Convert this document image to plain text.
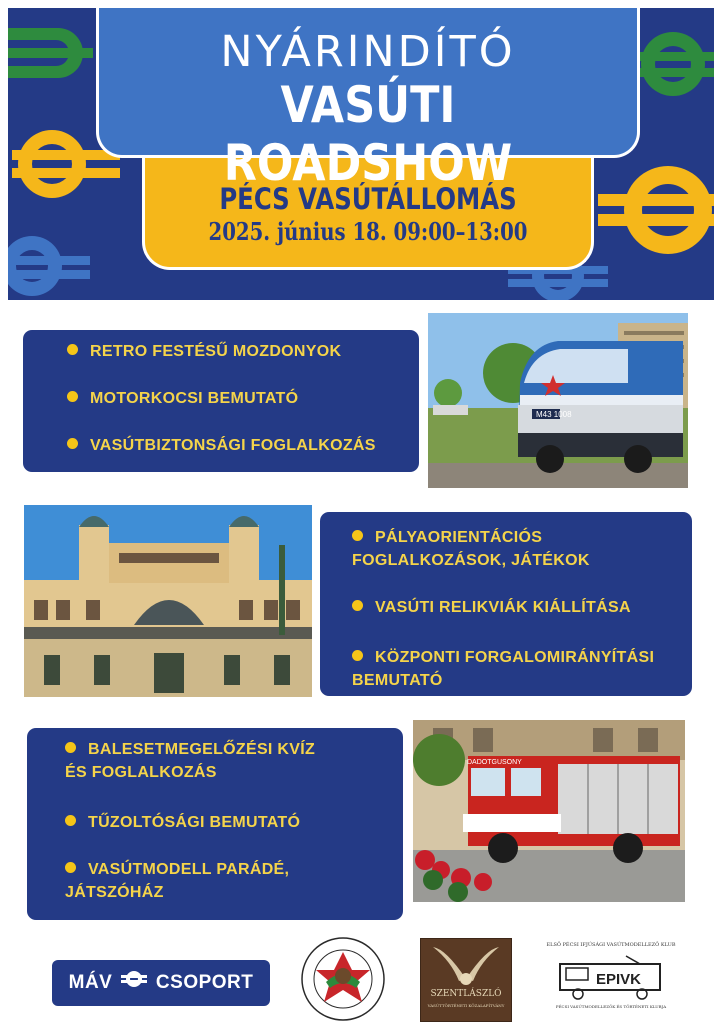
NYÁRINDÍTÓ
VASÚTI ROADSHOW
PÉCS VASÚTÁLLOMÁS
2025. június 18. 09:00–13:00
RETRO FESTÉSŰ MOZDONYOK
MOTORKOCSI BEMUTATÓ
VASÚTBIZTONSÁGI FOGLALKOZÁS
M43 1008
PÁLYAORIENTÁCIÓS
FOGLALKOZÁSOK, JÁTÉKOK
VASÚTI RELIKVIÁK KIÁLLÍTÁSA
KÖZPONTI FORGALOMIRÁNYÍTÁSI
BEMUTATÓ
BALESETMEGELŐZÉSI KVÍZ
ÉS FOGLALKOZÁS
TŰZOLTÓSÁGI BEMUTATÓ
VASÚTMODELL PARÁDÉ,
JÁTSZÓHÁZ
DADOTGUSONY
MÁV CSOPORT
SZENTLÁSZLÓ
VASÚTTÖRTÉNETI KÖZALAPÍTVÁNY
ELSŐ PÉCSI IFJÚSÁGI VASÚTMODELLEZŐ KLUB
EPIVK
PÉCSI VASÚTMODELLEZŐK ÉS TÖRTÉNETI KLUBJA
